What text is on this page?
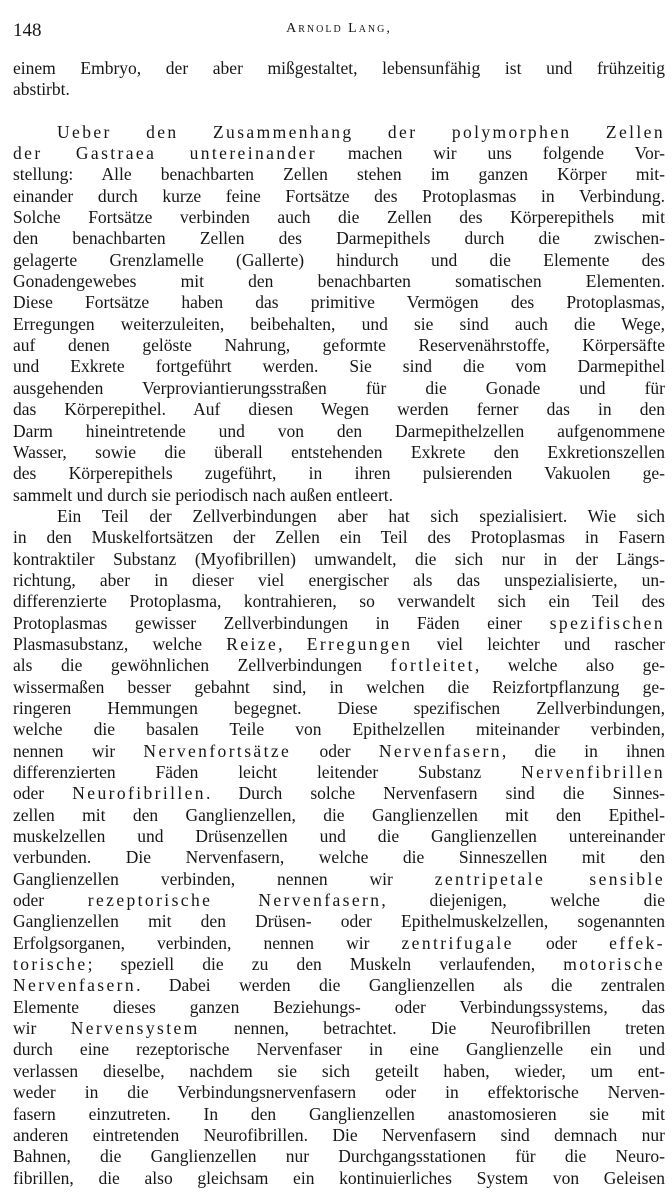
148	Arnold Lang,
einem Embryo, der aber mißgestaltet, lebensunfähig ist und frühzeitig
abstirbt.
Ueber den Zusammenhang der polymorphen Zellen
der Gastraea untereinander machen wir uns folgende Vor-
stellung: Alle benachbarten Zellen stehen im ganzen Körper mit-
einander durch kurze feine Fortsätze des Protoplasmas in Verbindung.
Solche Fortsätze verbinden auch die Zellen des Körperepithels mit
den benachbarten Zellen des Darmepithels durch die zwischen-
gelagerte Grenzlamelle (Gallerte) hindurch und die Elemente des
Gonadengewebes mit den benachbarten somatischen Elementen.
Diese Fortsätze haben das primitive Vermögen des Protoplasmas,
Erregungen weiterzuleiten, beibehalten, und sie sind auch die Wege,
auf denen gelöste Nahrung, geformte Reservenährstoffe, Körpersäfte
und Exkrete fortgeführt werden. Sie sind die vom Darmepithel
ausgehenden Verproviantierungsstraßen für die Gonade und für
das Körperepithel. Auf diesen Wegen werden ferner das in den
Darm hineintretende und von den Darmepithelzellen aufgenommene
Wasser, sowie die überall entstehenden Exkrete den Exkretionszellen
des Körperepithels zugeführt, in ihren pulsierenden Vakuolen ge-
sammelt und durch sie periodisch nach außen entleert.
Ein Teil der Zellverbindungen aber hat sich spezialisiert. Wie sich
in den Muskelfortsätzen der Zellen ein Teil des Protoplasmas in Fasern
kontraktiler Substanz (Myofibrillen) umwandelt, die sich nur in der Längs-
richtung, aber in dieser viel energischer als das unspezialisierte, un-
differenzierte Protoplasma, kontrahieren, so verwandelt sich ein Teil des
Protoplasmas gewisser Zellverbindungen in Fäden einer spezifischen
Plasmasubstanz, welche Reize, Erregungen viel leichter und rascher
als die gewöhnlichen Zellverbindungen fortleitet, welche also ge-
wissermaßen besser gebahnt sind, in welchen die Reizfortpflanzung ge-
ringeren Hemmungen begegnet. Diese spezifischen Zellverbindungen,
welche die basalen Teile von Epithelzellen miteinander verbinden,
nennen wir Nervenfortsätze oder Nervenfasern, die in ihnen
differenzierten Fäden leicht leitender Substanz Nervenfibrillen
oder Neurofibrillen. Durch solche Nervenfasern sind die Sinnes-
zellen mit den Ganglienzellen, die Ganglienzellen mit den Epithel-
muskelzellen und Drüsenzellen und die Ganglienzellen untereinander
verbunden. Die Nervenfasern, welche die Sinneszellen mit den
Ganglienzellen verbinden, nennen wir zentripetale sensible
oder rezeptorische Nervenfasern, diejenigen, welche die
Ganglienzellen mit den Drüsen- oder Epithelmuskelzellen, sogenannten
Erfolgsorganen, verbinden, nennen wir zentrifugale oder effek-
torische; speziell die zu den Muskeln verlaufenden, motorische
Nervenfasern. Dabei werden die Ganglienzellen als die zentralen
Elemente dieses ganzen Beziehungs- oder Verbindungssystems, das
wir Nervensystem nennen, betrachtet. Die Neurofibrillen treten
durch eine rezeptorische Nervenfaser in eine Ganglienzelle ein und
verlassen dieselbe, nachdem sie sich geteilt haben, wieder, um ent-
weder in die Verbindungsnervenfasern oder in effektorische Nerven-
fasern einzutreten. In den Ganglienzellen anastomosieren sie mit
anderen eintretenden Neurofibrillen. Die Nervenfasern sind demnach nur
Bahnen, die Ganglienzellen nur Durchgangsstationen für die Neuro-
fibrillen, die also gleichsam ein kontinuierliches System von Geleisen
